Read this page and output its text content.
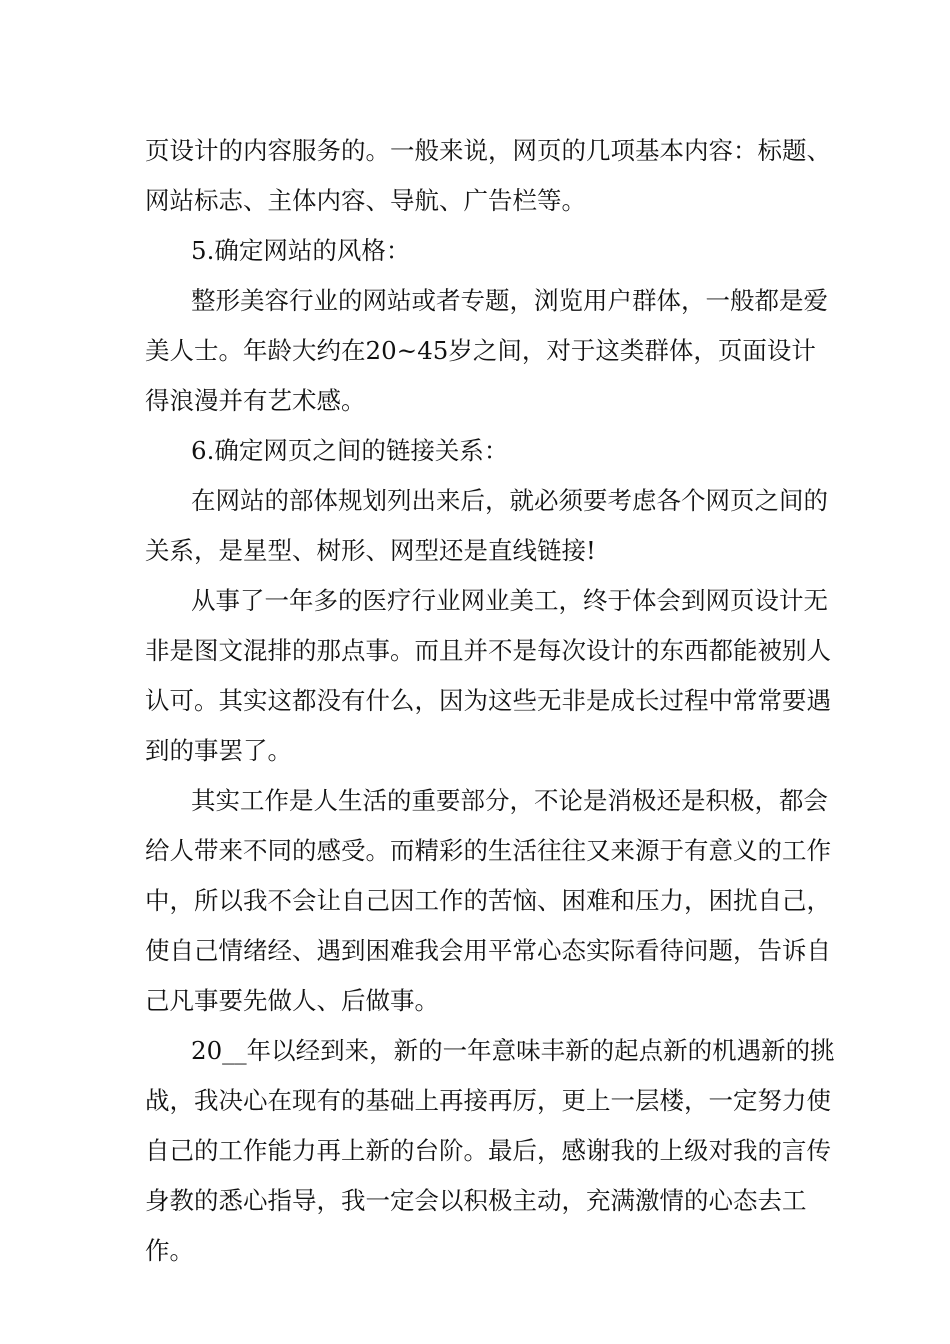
页设计的内容服务的。一般来说，网页的几项基本内容：标题、网站标志、主体内容、导航、广告栏等。

5.确定网站的风格：

整形美容行业的网站或者专题，浏览用户群体，一般都是爱美人士。年龄大约在20~45岁之间，对于这类群体，页面设计得浪漫并有艺术感。

6.确定网页之间的链接关系：

在网站的部体规划列出来后，就必须要考虑各个网页之间的关系，是星型、树形、网型还是直线链接!

从事了一年多的医疗行业网业美工，终于体会到网页设计无非是图文混排的那点事。而且并不是每次设计的东西都能被别人认可。其实这都没有什么，因为这些无非是成长过程中常常要遇到的事罢了。

其实工作是人生活的重要部分，不论是消极还是积极，都会给人带来不同的感受。而精彩的生活往往又来源于有意义的工作中，所以我不会让自己因工作的苦恼、困难和压力，困扰自己，使自己情绪经、遇到困难我会用平常心态实际看待问题，告诉自己凡事要先做人、后做事。

20__年以经到来，新的一年意味丰新的起点新的机遇新的挑战，我决心在现有的基础上再接再厉，更上一层楼，一定努力使自己的工作能力再上新的台阶。最后，感谢我的上级对我的言传身教的悉心指导，我一定会以积极主动，充满激情的心态去工作。
